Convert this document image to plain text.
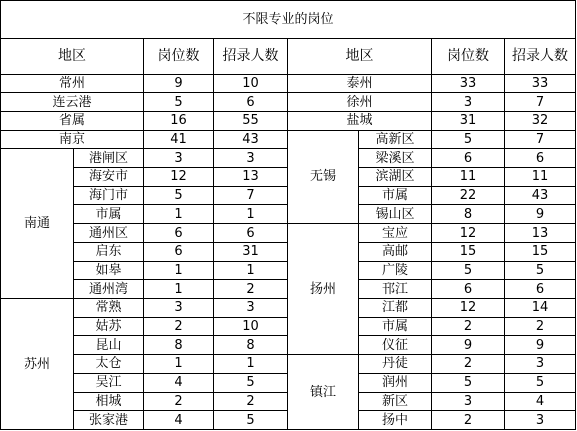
不限专业的岗位							
地区		岗位数	招录人数	地区		岗位数	招录人数
常州		9	10	泰州		33	33
连云港		5	6	徐州		3	7
省属		16	55	盐城		31	32
南京		41	43	无锡	高新区	5	7
南通	港闸区	3	3		梁溪区	6	6
	海安市	12	13		滨湖区	11	11
	海门市	5	7		市属	22	43
	市属	1	1		锡山区	8	9
	通州区	6	6	扬州	宝应	12	13
	启东	6	31		高邮	15	15
	如皋	1	1		广陵	5	5
	通州湾	1	2		邗江	6	6
苏州	常熟	3	3		江都	12	14
	姑苏	2	10		市属	2	2
	昆山	8	8		仪征	9	9
	太仓	1	1	镇江	丹徒	2	3
	吴江	4	5		润州	5	5
	相城	2	2		新区	3	4
	张家港	4	5		扬中	2	3
